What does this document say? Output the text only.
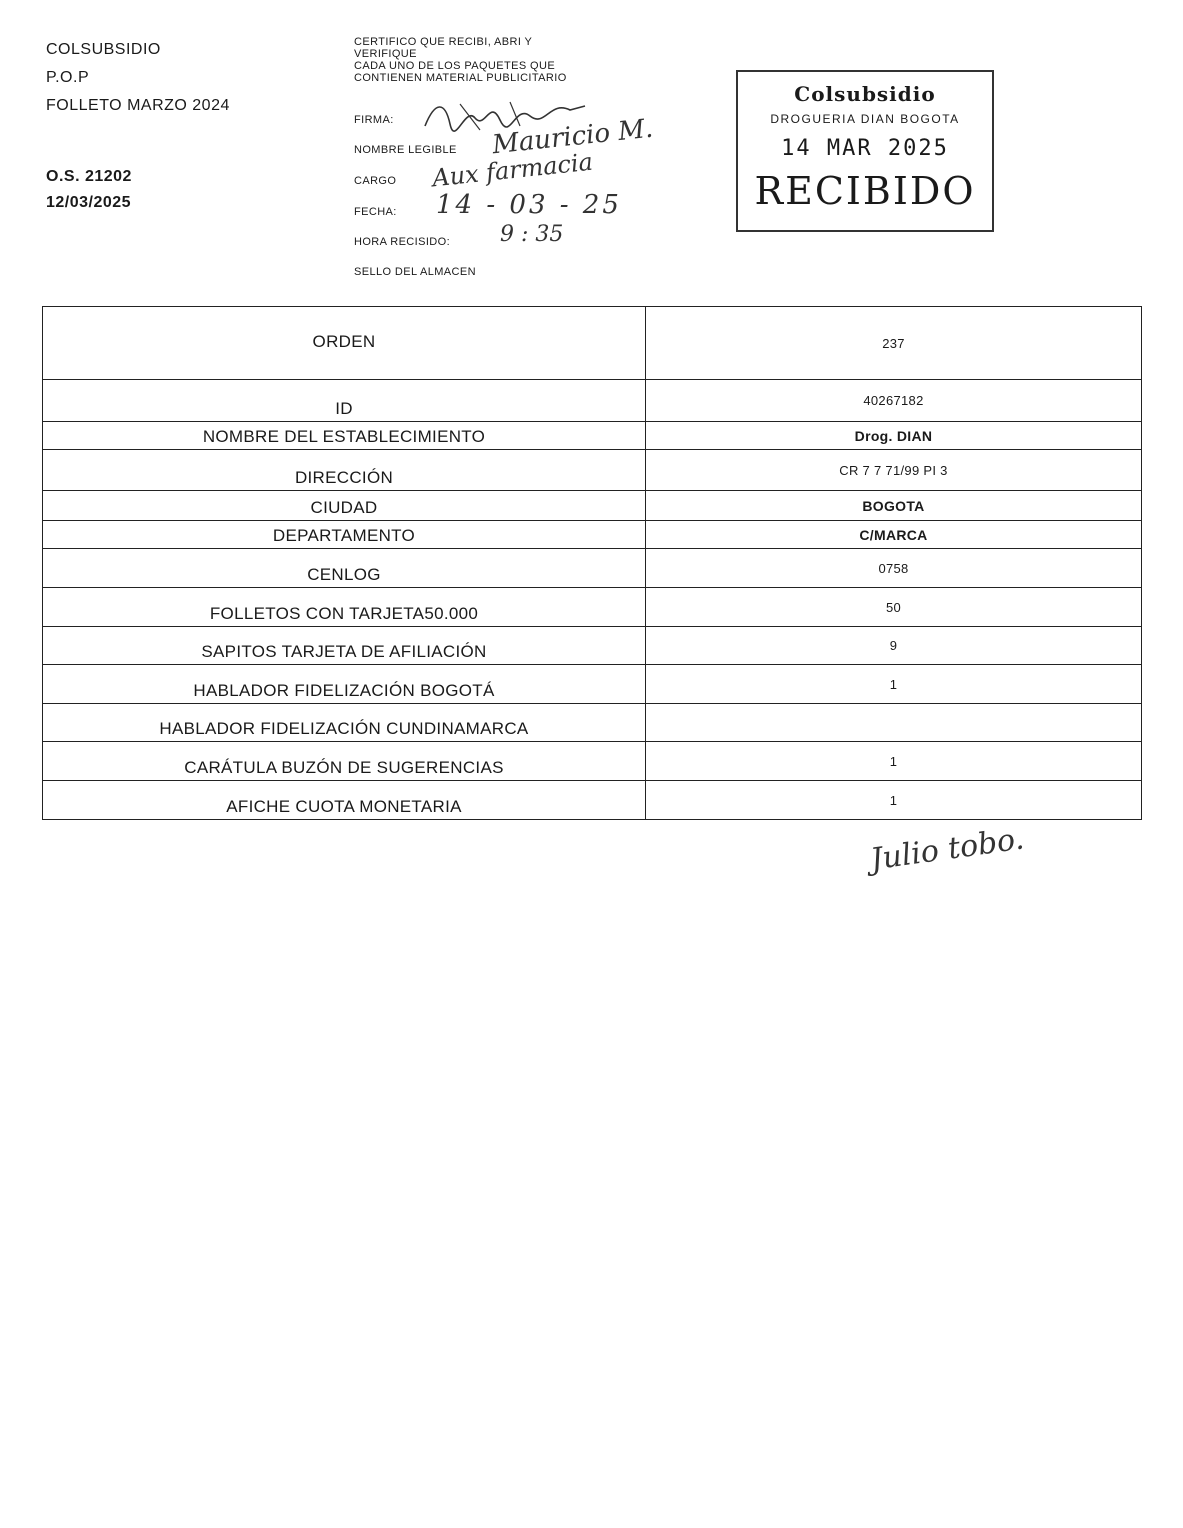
COLSUBSIDIO
P.O.P
FOLLETO MARZO 2024
O.S. 21202
12/03/2025
CERTIFICO QUE RECIBI, ABRI Y
VERIFIQUE
CADA UNO DE LOS PAQUETES QUE
CONTIENEN MATERIAL PUBLICITARIO
FIRMA:
NOMBRE LEGIBLE
CARGO
FECHA:
HORA RECISIDO:
SELLO DEL ALMACEN
Mauricio M.
Aux farmacia
14 - 03 - 25
9 : 35
Colsubsidio
DROGUERIA DIAN BOGOTA
14 MAR 2025
RECIBIDO
ORDEN	237
ID	40267182
NOMBRE DEL ESTABLECIMIENTO	Drog. DIAN
DIRECCIÓN	CR 7 7 71/99 PI 3
CIUDAD	BOGOTA
DEPARTAMENTO	C/MARCA
CENLOG	0758
FOLLETOS CON TARJETA50.000	50
SAPITOS TARJETA DE AFILIACIÓN	9
HABLADOR FIDELIZACIÓN BOGOTÁ	1
HABLADOR FIDELIZACIÓN CUNDINAMARCA	
CARÁTULA BUZÓN DE SUGERENCIAS	1
AFICHE CUOTA MONETARIA	1
Julio tobo.
